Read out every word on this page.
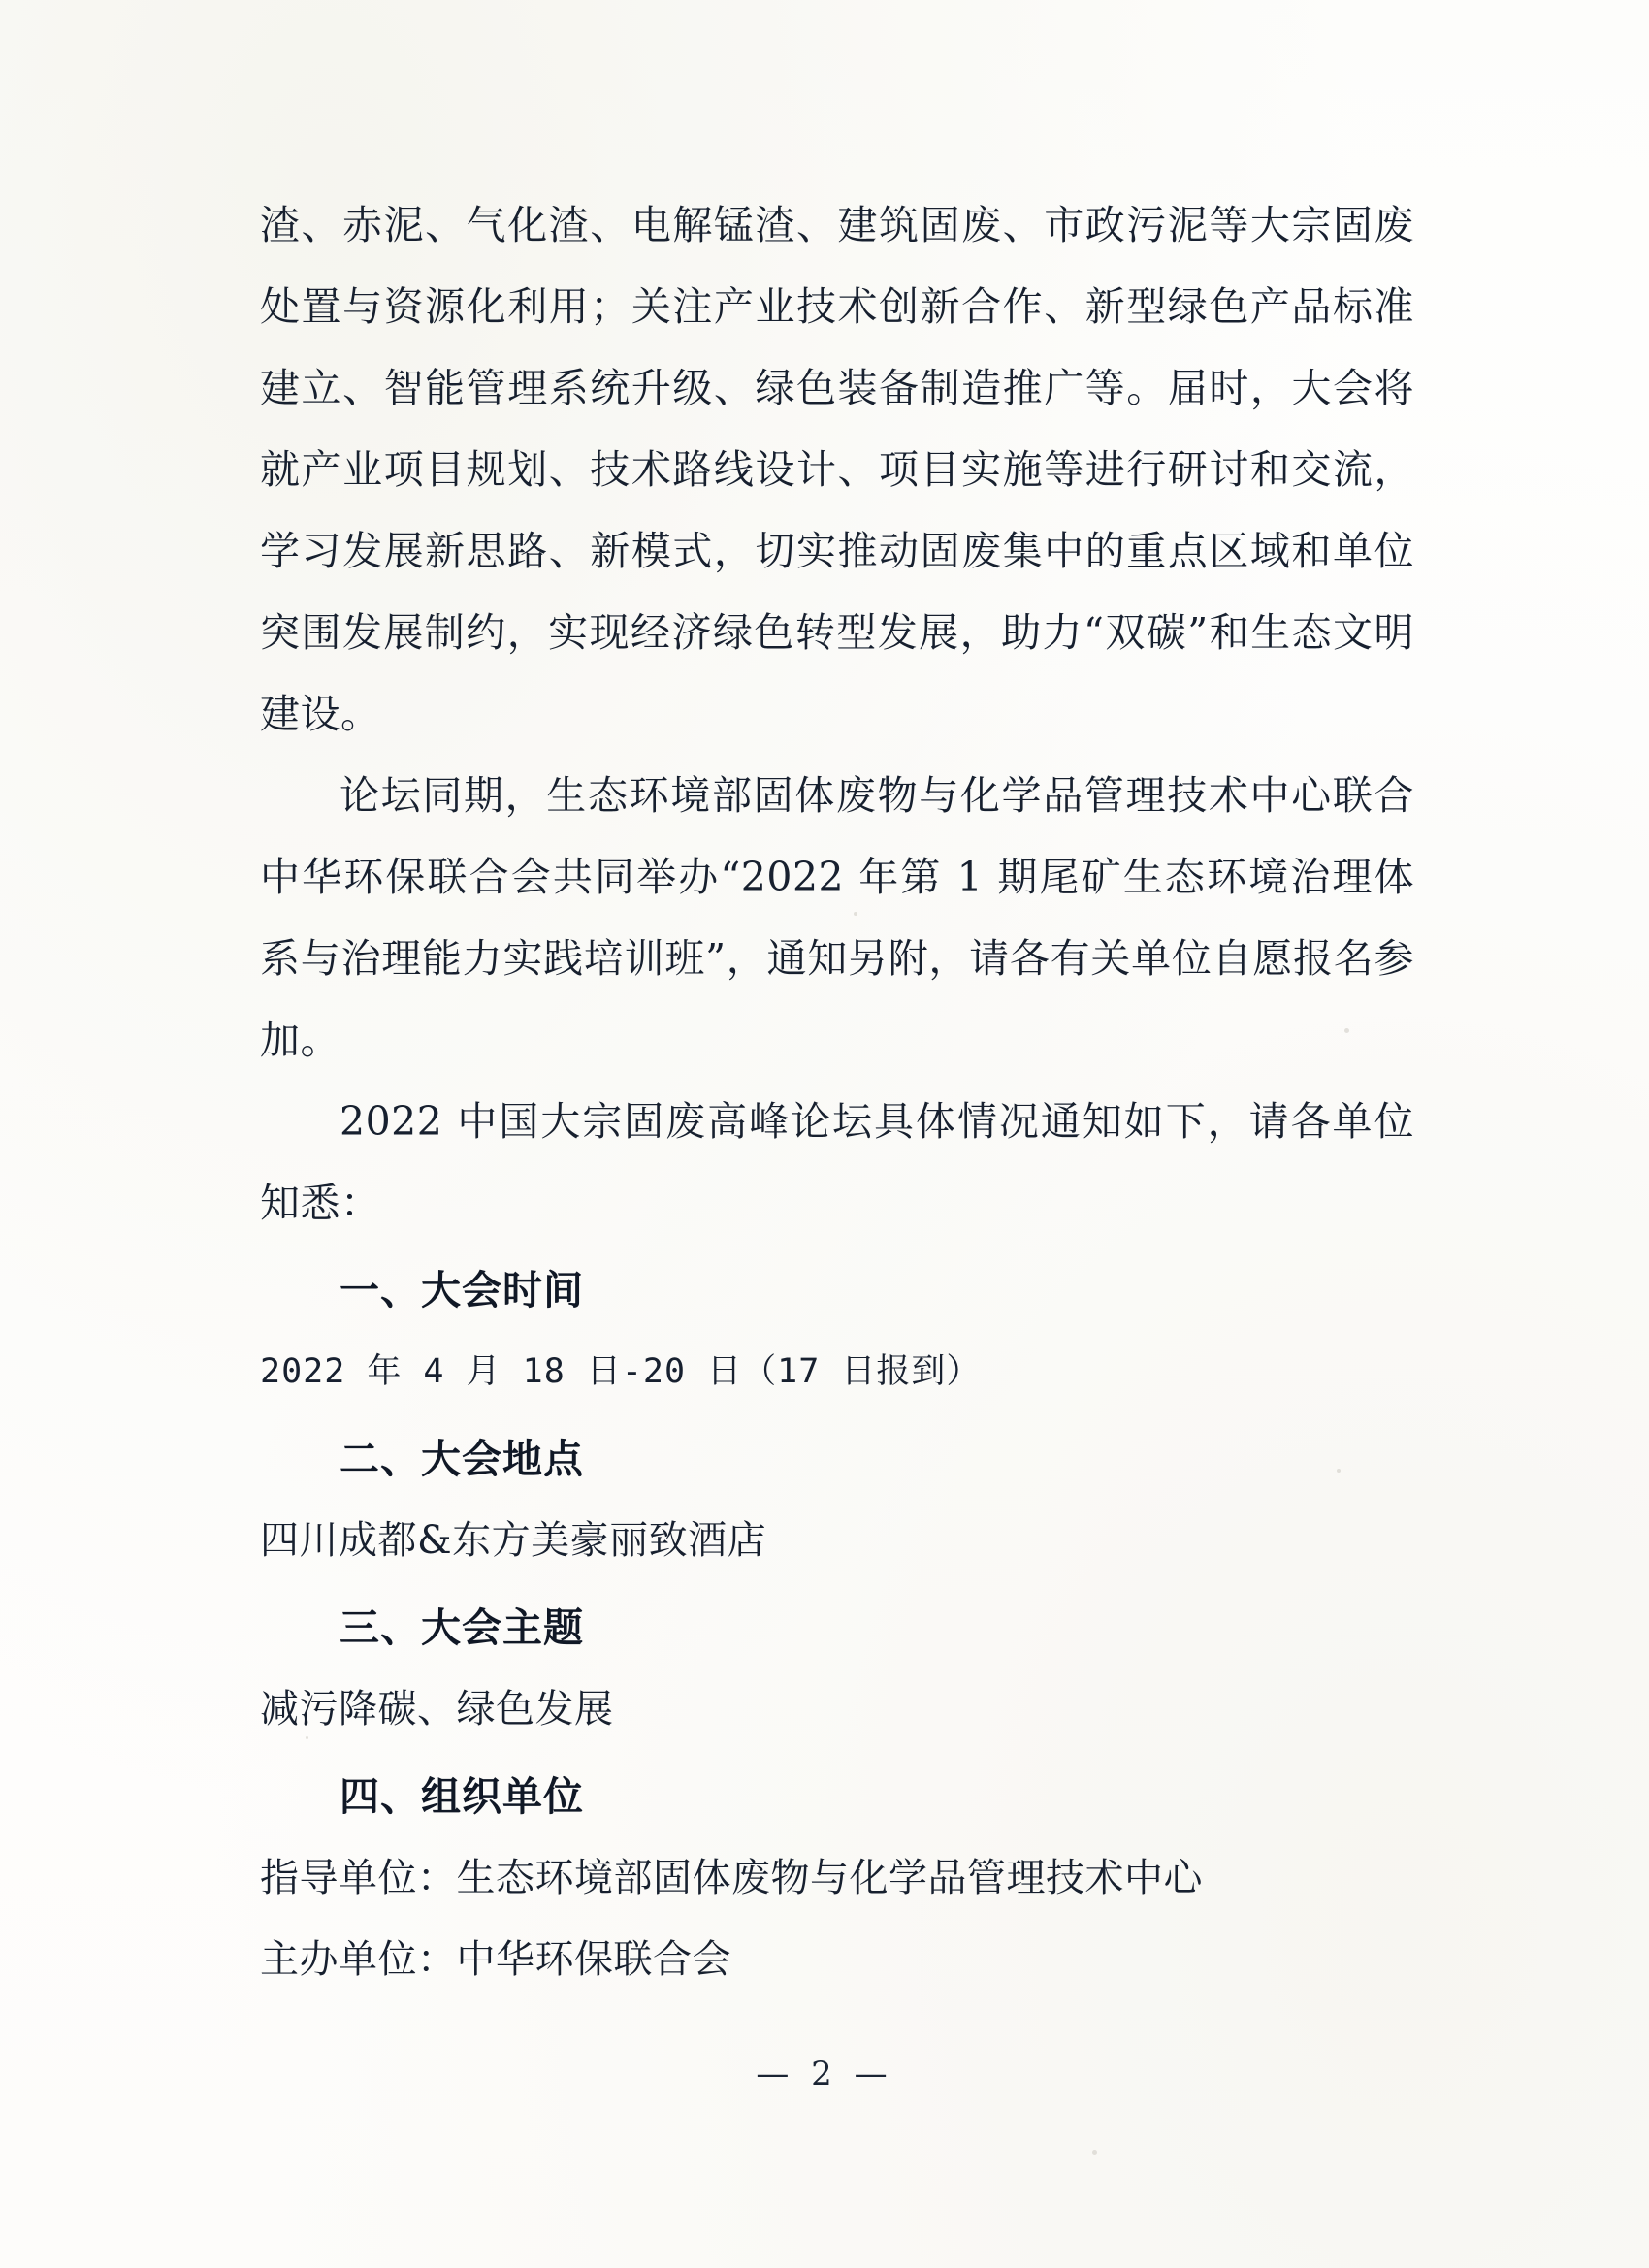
渣、赤泥、气化渣、电解锰渣、建筑固废、市政污泥等大宗固废处置与资源化利用；关注产业技术创新合作、新型绿色产品标准建立、智能管理系统升级、绿色装备制造推广等。届时，大会将就产业项目规划、技术路线设计、项目实施等进行研讨和交流，学习发展新思路、新模式，切实推动固废集中的重点区域和单位突围发展制约，实现经济绿色转型发展，助力“双碳”和生态文明建设。

论坛同期，生态环境部固体废物与化学品管理技术中心联合中华环保联合会共同举办“2022 年第 1 期尾矿生态环境治理体系与治理能力实践培训班”，通知另附，请各有关单位自愿报名参加。

2022 中国大宗固废高峰论坛具体情况通知如下，请各单位知悉：

一、大会时间

2022 年 4 月 18 日-20 日（17 日报到）

二、大会地点

四川成都&东方美豪丽致酒店

三、大会主题

减污降碳、绿色发展

四、组织单位

指导单位：生态环境部固体废物与化学品管理技术中心

主办单位：中华环保联合会

— 2 —
